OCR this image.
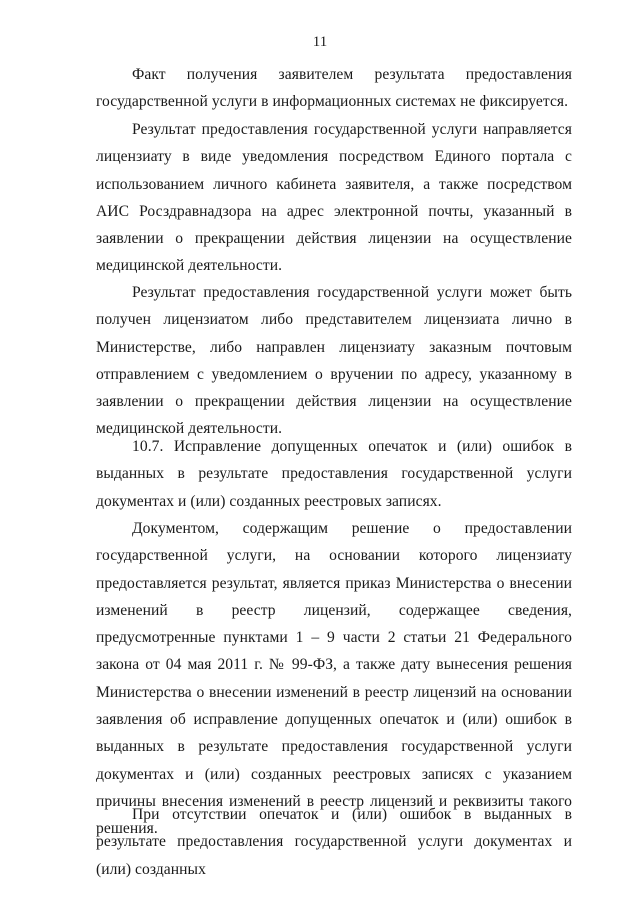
11

Факт получения заявителем результата предоставления государственной услуги в информационных системах не фиксируется.

Результат предоставления государственной услуги направляется лицензиату в виде уведомления посредством Единого портала с использованием личного кабинета заявителя, а также посредством АИС Росздравнадзора на адрес электронной почты, указанный в заявлении о прекращении действия лицензии на осуществление медицинской деятельности.

Результат предоставления государственной услуги может быть получен лицензиатом либо представителем лицензиата лично в Министерстве, либо направлен лицензиату заказным почтовым отправлением с уведомлением о вручении по адресу, указанному в заявлении о прекращении действия лицензии на осуществление медицинской деятельности.

10.7. Исправление допущенных опечаток и (или) ошибок в выданных в результате предоставления государственной услуги документах и (или) созданных реестровых записях.

Документом, содержащим решение о предоставлении государственной услуги, на основании которого лицензиату предоставляется результат, является приказ Министерства о внесении изменений в реестр лицензий, содержащее сведения, предусмотренные пунктами 1 – 9 части 2 статьи 21 Федерального закона от 04 мая 2011 г. № 99-ФЗ, а также дату вынесения решения Министерства о внесении изменений в реестр лицензий на основании заявления об исправление допущенных опечаток и (или) ошибок в выданных в результате предоставления государственной услуги документах и (или) созданных реестровых записях с указанием причины внесения изменений в реестр лицензий и реквизиты такого решения.

При отсутствии опечаток и (или) ошибок в выданных в результате предоставления государственной услуги документах и (или) созданных
